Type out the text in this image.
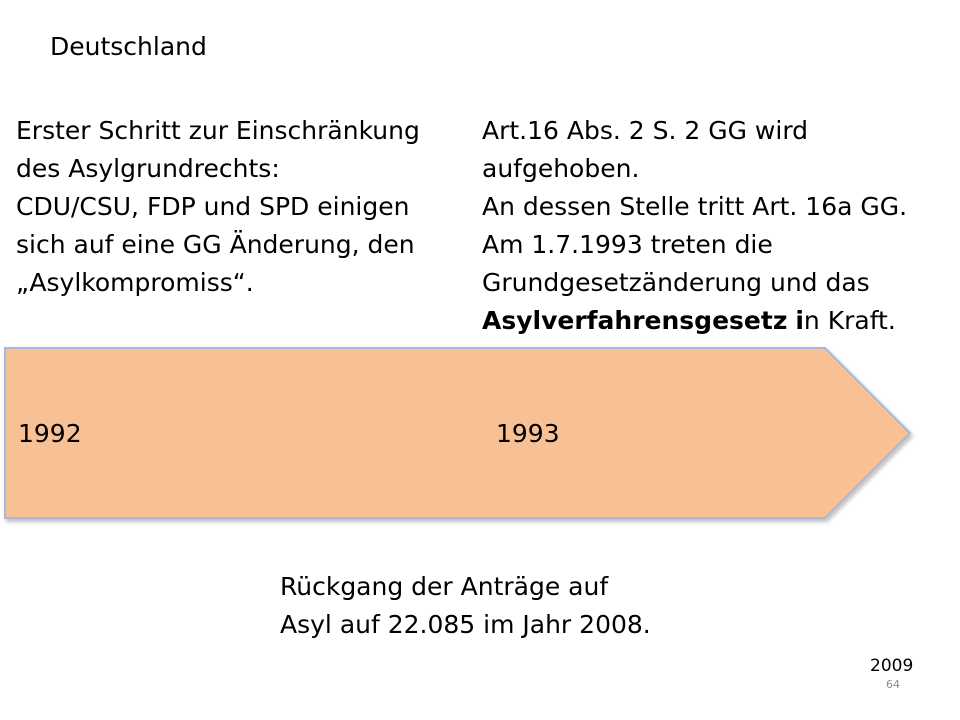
Deutschland
Erster Schritt zur Einschränkung
des Asylgrundrechts:
CDU/CSU, FDP und SPD einigen
sich auf eine GG Änderung, den
„Asylkompromiss“.
Art.16 Abs. 2 S. 2 GG wird
aufgehoben.
An dessen Stelle tritt Art. 16a GG.
Am 1.7.1993 treten die
Grundgesetzänderung und das
Asylverfahrensgesetz in Kraft.
1992	1993
Rückgang der Anträge auf
Asyl auf 22.085 im Jahr 2008.
2009
64
